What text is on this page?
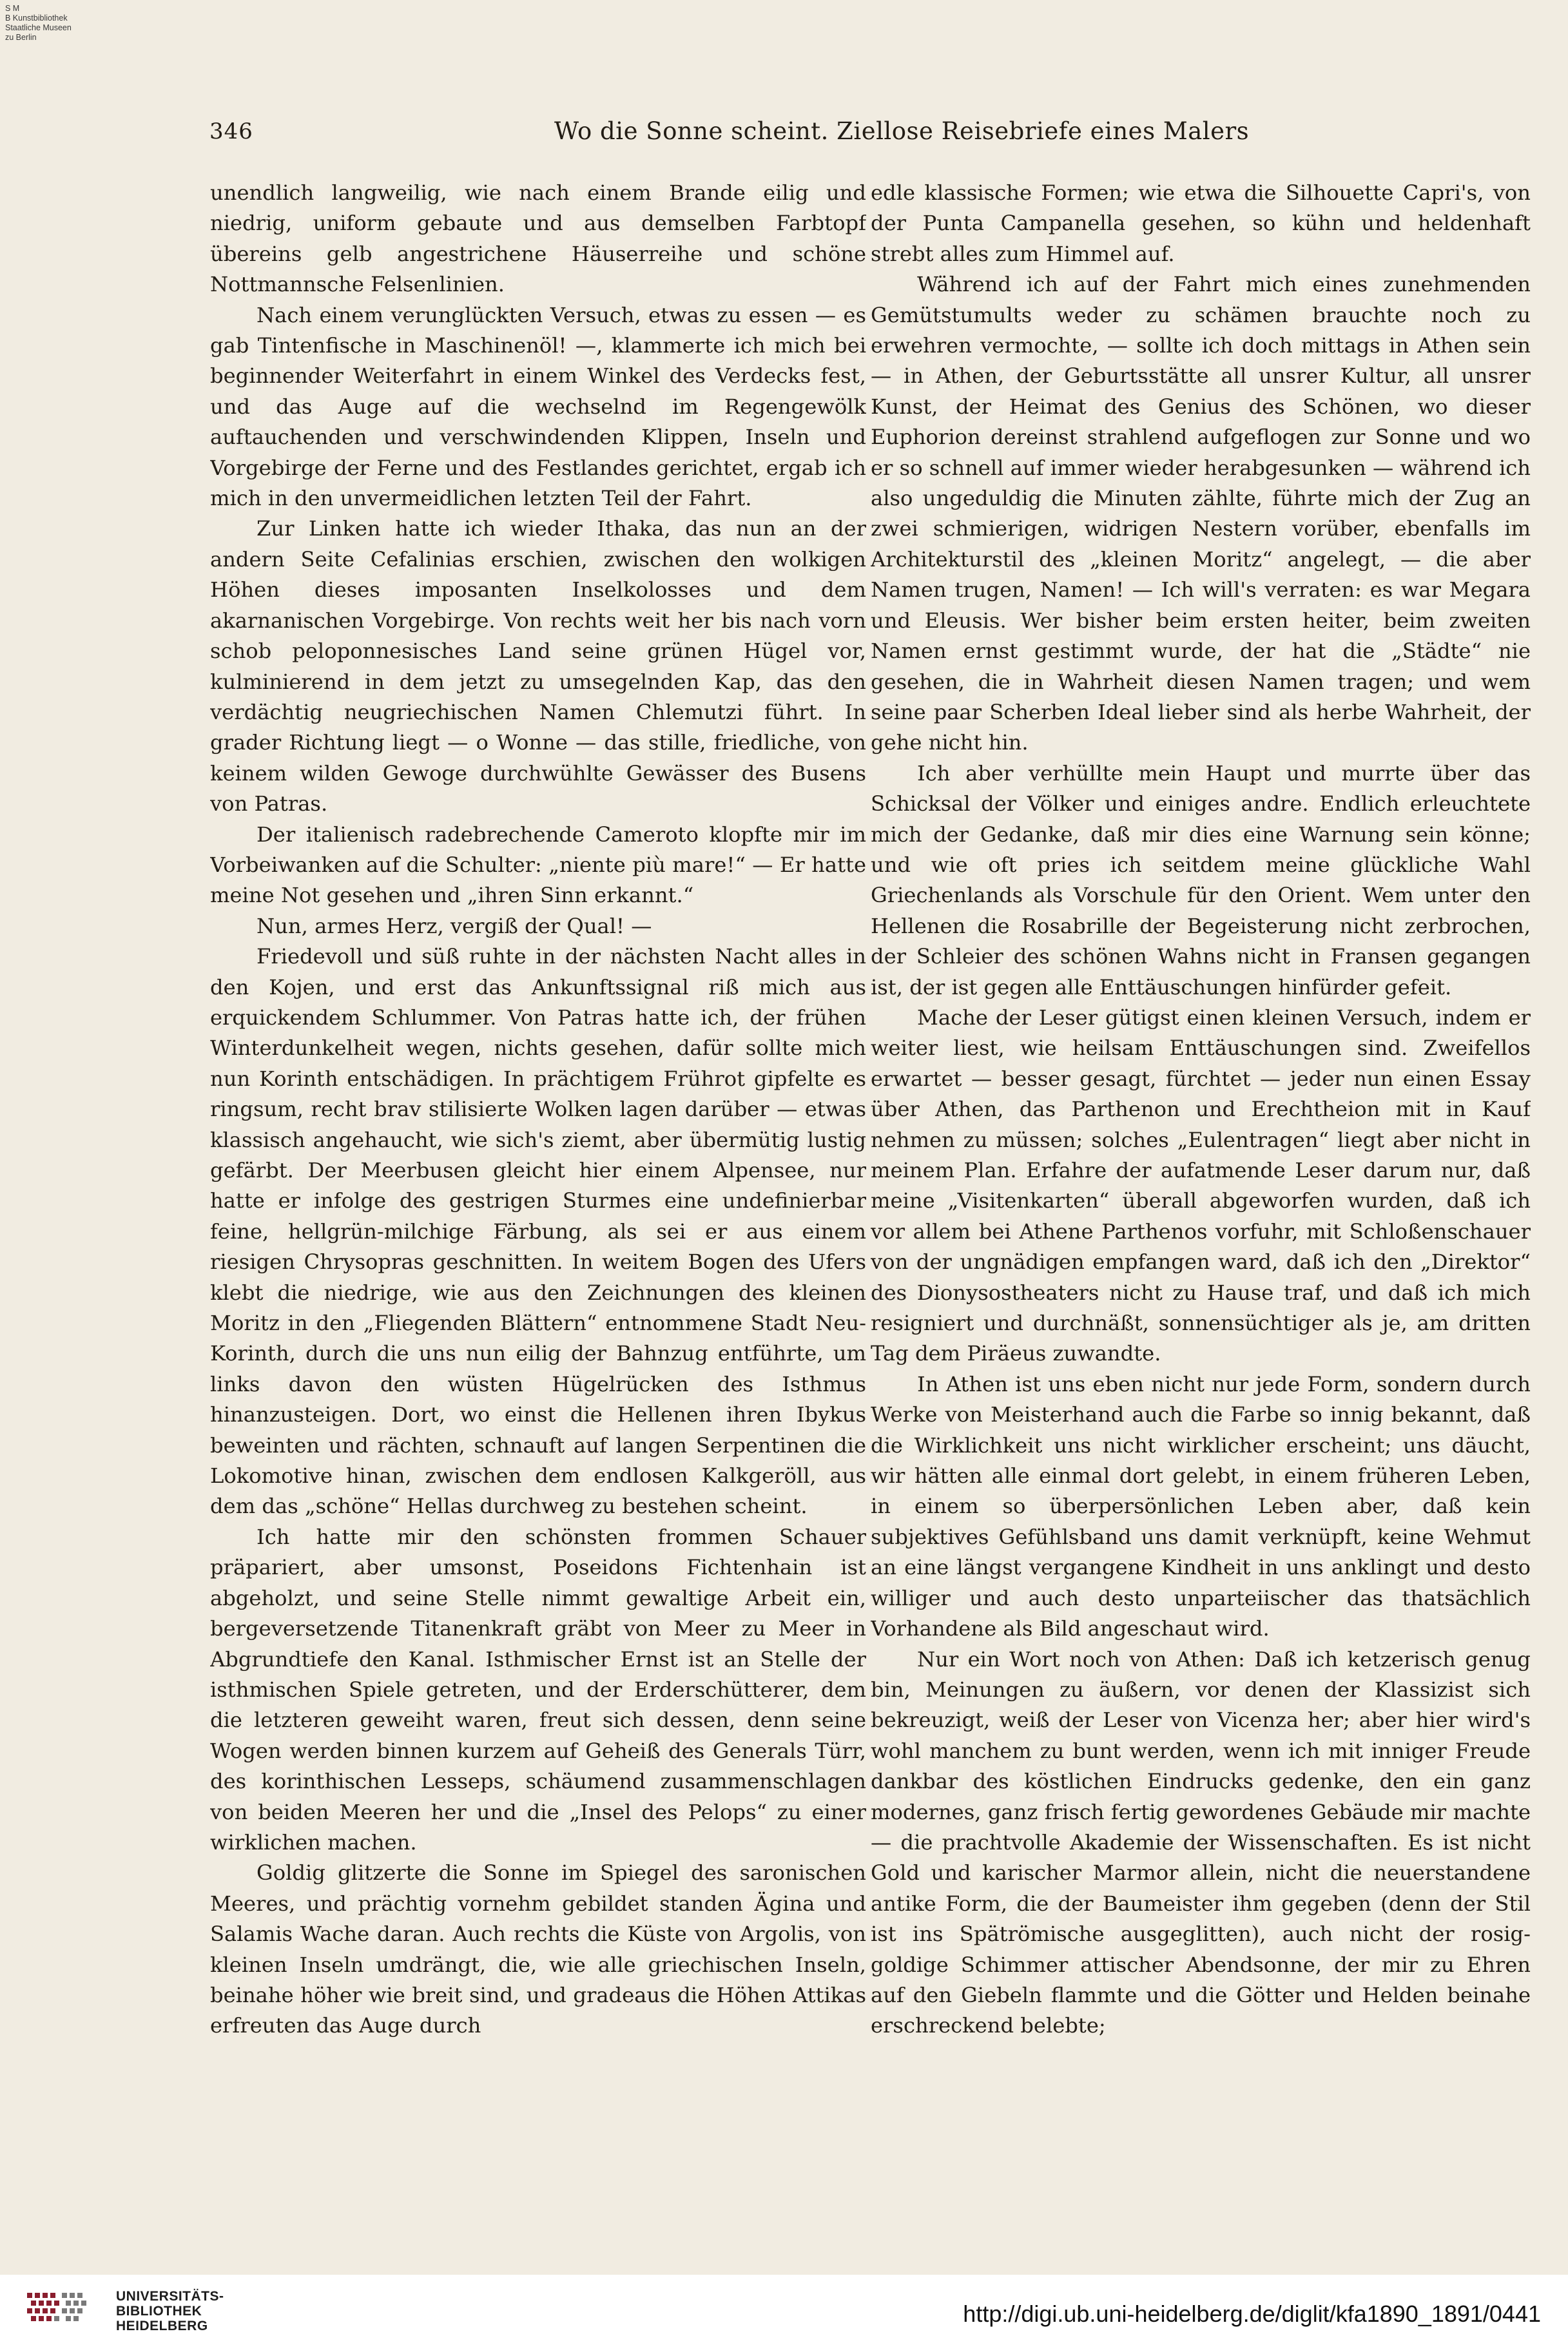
S M
B Kunstbibliothek
Staatliche Museen
zu Berlin
346	Wo die Sonne scheint. Ziellose Reisebriefe eines Malers

unendlich langweilig, wie nach einem Brande eilig und niedrig, uniform gebaute und aus demselben Farbtopf übereins gelb angestrichene Häuserreihe und schöne Nottmannsche Felsenlinien.

Nach einem verunglückten Versuch, etwas zu essen — es gab Tintenfische in Maschinenöl! —, klammerte ich mich bei beginnender Weiterfahrt in einem Winkel des Verdecks fest, und das Auge auf die wechselnd im Regengewölk auftauchenden und verschwindenden Klippen, Inseln und Vorgebirge der Ferne und des Festlandes gerichtet, ergab ich mich in den unvermeidlichen letzten Teil der Fahrt.

Zur Linken hatte ich wieder Ithaka, das nun an der andern Seite Cefalinias erschien, zwischen den wolkigen Höhen dieses imposanten Inselkolosses und dem akarnanischen Vorgebirge. Von rechts weit her bis nach vorn schob peloponnesisches Land seine grünen Hügel vor, kulminierend in dem jetzt zu umsegelnden Kap, das den verdächtig neugriechischen Namen Chlemutzi führt. In grader Richtung liegt — o Wonne — das stille, friedliche, von keinem wilden Gewoge durchwühlte Gewässer des Busens von Patras.

Der italienisch radebrechende Cameroto klopfte mir im Vorbeiwanken auf die Schulter: „niente più mare!“ — Er hatte meine Not gesehen und „ihren Sinn erkannt.“

Nun, armes Herz, vergiß der Qual! —

Friedevoll und süß ruhte in der nächsten Nacht alles in den Kojen, und erst das Ankunftssignal riß mich aus erquickendem Schlummer. Von Patras hatte ich, der frühen Winterdunkelheit wegen, nichts gesehen, dafür sollte mich nun Korinth entschädigen. In prächtigem Frührot gipfelte es ringsum, recht brav stilisierte Wolken lagen darüber — etwas klassisch angehaucht, wie sich's ziemt, aber übermütig lustig gefärbt. Der Meerbusen gleicht hier einem Alpensee, nur hatte er infolge des gestrigen Sturmes eine undefinierbar feine, hellgrün-milchige Färbung, als sei er aus einem riesigen Chrysopras geschnitten. In weitem Bogen des Ufers klebt die niedrige, wie aus den Zeichnungen des kleinen Moritz in den „Fliegenden Blättern“ entnommene Stadt Neu-Korinth, durch die uns nun eilig der Bahnzug entführte, um links davon den wüsten Hügelrücken des Isthmus hinanzusteigen. Dort, wo einst die Hellenen ihren Ibykus beweinten und rächten, schnauft auf langen Serpentinen die Lokomotive hinan, zwischen dem endlosen Kalkgeröll, aus dem das „schöne“ Hellas durchweg zu bestehen scheint.

Ich hatte mir den schönsten frommen Schauer präpariert, aber umsonst, Poseidons Fichtenhain ist abgeholzt, und seine Stelle nimmt gewaltige Arbeit ein, bergeversetzende Titanenkraft gräbt von Meer zu Meer in Abgrundtiefe den Kanal. Isthmischer Ernst ist an Stelle der isthmischen Spiele getreten, und der Erderschütterer, dem die letzteren geweiht waren, freut sich dessen, denn seine Wogen werden binnen kurzem auf Geheiß des Generals Türr, des korinthischen Lesseps, schäumend zusammenschlagen von beiden Meeren her und die „Insel des Pelops“ zu einer wirklichen machen.

Goldig glitzerte die Sonne im Spiegel des saronischen Meeres, und prächtig vornehm gebildet standen Ägina und Salamis Wache daran. Auch rechts die Küste von Argolis, von kleinen Inseln umdrängt, die, wie alle griechischen Inseln, beinahe höher wie breit sind, und gradeaus die Höhen Attikas erfreuten das Auge durch

edle klassische Formen; wie etwa die Silhouette Capri's, von der Punta Campanella gesehen, so kühn und heldenhaft strebt alles zum Himmel auf.

Während ich auf der Fahrt mich eines zunehmenden Gemütstumults weder zu schämen brauchte noch zu erwehren vermochte, — sollte ich doch mittags in Athen sein — in Athen, der Geburtsstätte all unsrer Kultur, all unsrer Kunst, der Heimat des Genius des Schönen, wo dieser Euphorion dereinst strahlend aufgeflogen zur Sonne und wo er so schnell auf immer wieder herabgesunken — während ich also ungeduldig die Minuten zählte, führte mich der Zug an zwei schmierigen, widrigen Nestern vorüber, ebenfalls im Architekturstil des „kleinen Moritz“ angelegt, — die aber Namen trugen, Namen! — Ich will's verraten: es war Megara und Eleusis. Wer bisher beim ersten heiter, beim zweiten Namen ernst gestimmt wurde, der hat die „Städte“ nie gesehen, die in Wahrheit diesen Namen tragen; und wem seine paar Scherben Ideal lieber sind als herbe Wahrheit, der gehe nicht hin.

Ich aber verhüllte mein Haupt und murrte über das Schicksal der Völker und einiges andre. Endlich erleuchtete mich der Gedanke, daß mir dies eine Warnung sein könne; und wie oft pries ich seitdem meine glückliche Wahl Griechenlands als Vorschule für den Orient. Wem unter den Hellenen die Rosabrille der Begeisterung nicht zerbrochen, der Schleier des schönen Wahns nicht in Fransen gegangen ist, der ist gegen alle Enttäuschungen hinfürder gefeit.

Mache der Leser gütigst einen kleinen Versuch, indem er weiter liest, wie heilsam Enttäuschungen sind. Zweifellos erwartet — besser gesagt, fürchtet — jeder nun einen Essay über Athen, das Parthenon und Erechtheion mit in Kauf nehmen zu müssen; solches „Eulentragen“ liegt aber nicht in meinem Plan. Erfahre der aufatmende Leser darum nur, daß meine „Visitenkarten“ überall abgeworfen wurden, daß ich vor allem bei Athene Parthenos vorfuhr, mit Schloßenschauer von der ungnädigen empfangen ward, daß ich den „Direktor“ des Dionysostheaters nicht zu Hause traf, und daß ich mich resigniert und durchnäßt, sonnensüchtiger als je, am dritten Tag dem Piräeus zuwandte.

In Athen ist uns eben nicht nur jede Form, sondern durch Werke von Meisterhand auch die Farbe so innig bekannt, daß die Wirklichkeit uns nicht wirklicher erscheint; uns däucht, wir hätten alle einmal dort gelebt, in einem früheren Leben, in einem so überpersönlichen Leben aber, daß kein subjektives Gefühlsband uns damit verknüpft, keine Wehmut an eine längst vergangene Kindheit in uns anklingt und desto williger und auch desto unparteiischer das thatsächlich Vorhandene als Bild angeschaut wird.

Nur ein Wort noch von Athen: Daß ich ketzerisch genug bin, Meinungen zu äußern, vor denen der Klassizist sich bekreuzigt, weiß der Leser von Vicenza her; aber hier wird's wohl manchem zu bunt werden, wenn ich mit inniger Freude dankbar des köstlichen Eindrucks gedenke, den ein ganz modernes, ganz frisch fertig gewordenes Gebäude mir machte — die prachtvolle Akademie der Wissenschaften. Es ist nicht Gold und karischer Marmor allein, nicht die neuerstandene antike Form, die der Baumeister ihm gegeben (denn der Stil ist ins Spätrömische ausgeglitten), auch nicht der rosig-goldige Schimmer attischer Abendsonne, der mir zu Ehren auf den Giebeln flammte und die Götter und Helden beinahe erschreckend belebte;

UNIVERSITÄTS-
BIBLIOTHEK
HEIDELBERG	http://digi.ub.uni-heidelberg.de/diglit/kfa1890_1891/0441
